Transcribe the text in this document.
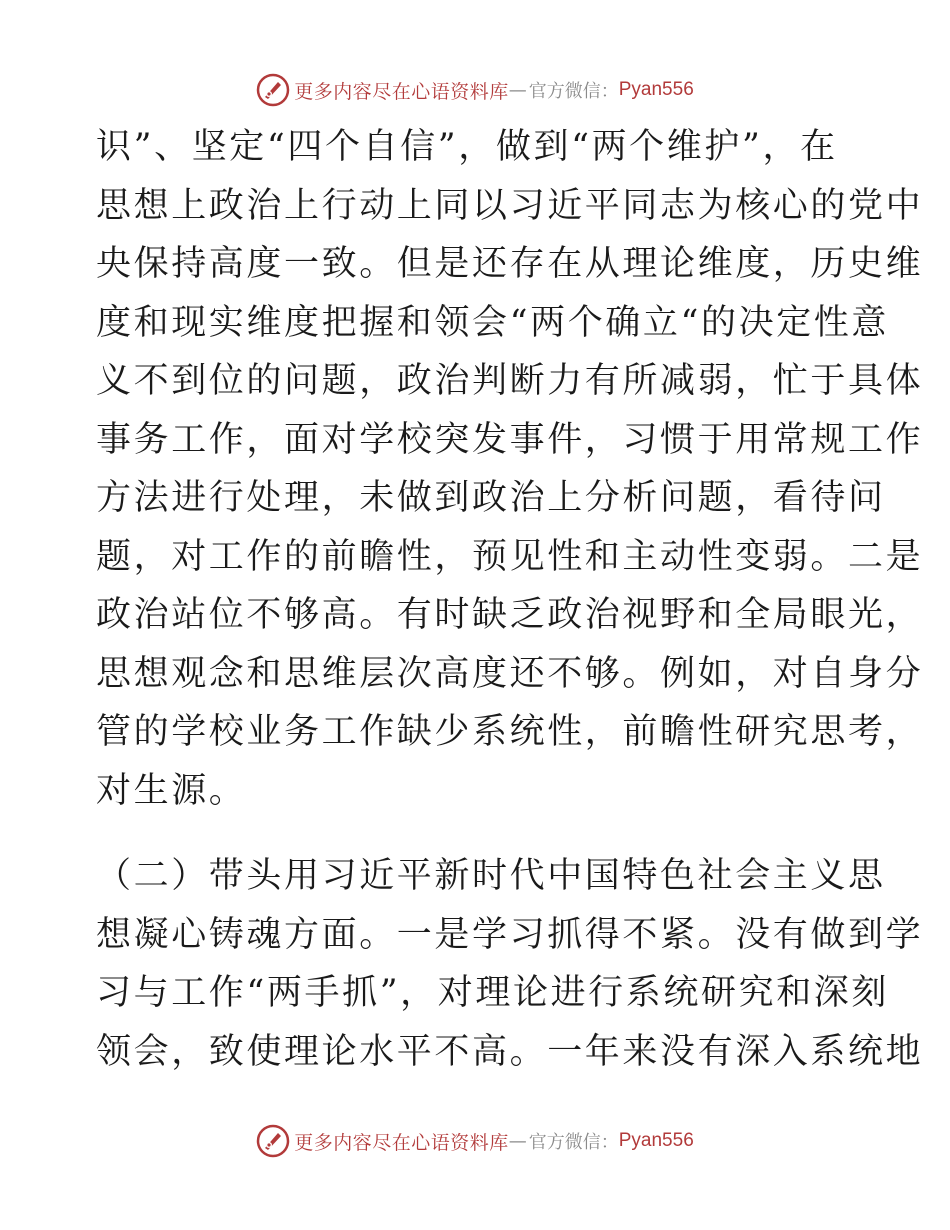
更多内容尽在心语资料库 — 官方微信： Pyan556
识”、坚定“四个自信”，做到“两个维护”，在
思想上政治上行动上同以习近平同志为核心的党中
央保持高度一致。但是还存在从理论维度，历史维
度和现实维度把握和领会“两个确立“的决定性意
义不到位的问题，政治判断力有所减弱，忙于具体
事务工作，面对学校突发事件，习惯于用常规工作
方法进行处理，未做到政治上分析问题，看待问
题，对工作的前瞻性，预见性和主动性变弱。二是
政治站位不够高。有时缺乏政治视野和全局眼光，
思想观念和思维层次高度还不够。例如，对自身分
管的学校业务工作缺少系统性，前瞻性研究思考，
对生源。
（二）带头用习近平新时代中国特色社会主义思
想凝心铸魂方面。一是学习抓得不紧。没有做到学
习与工作“两手抓”，对理论进行系统研究和深刻
领会，致使理论水平不高。一年来没有深入系统地
更多内容尽在心语资料库 — 官方微信： Pyan556
